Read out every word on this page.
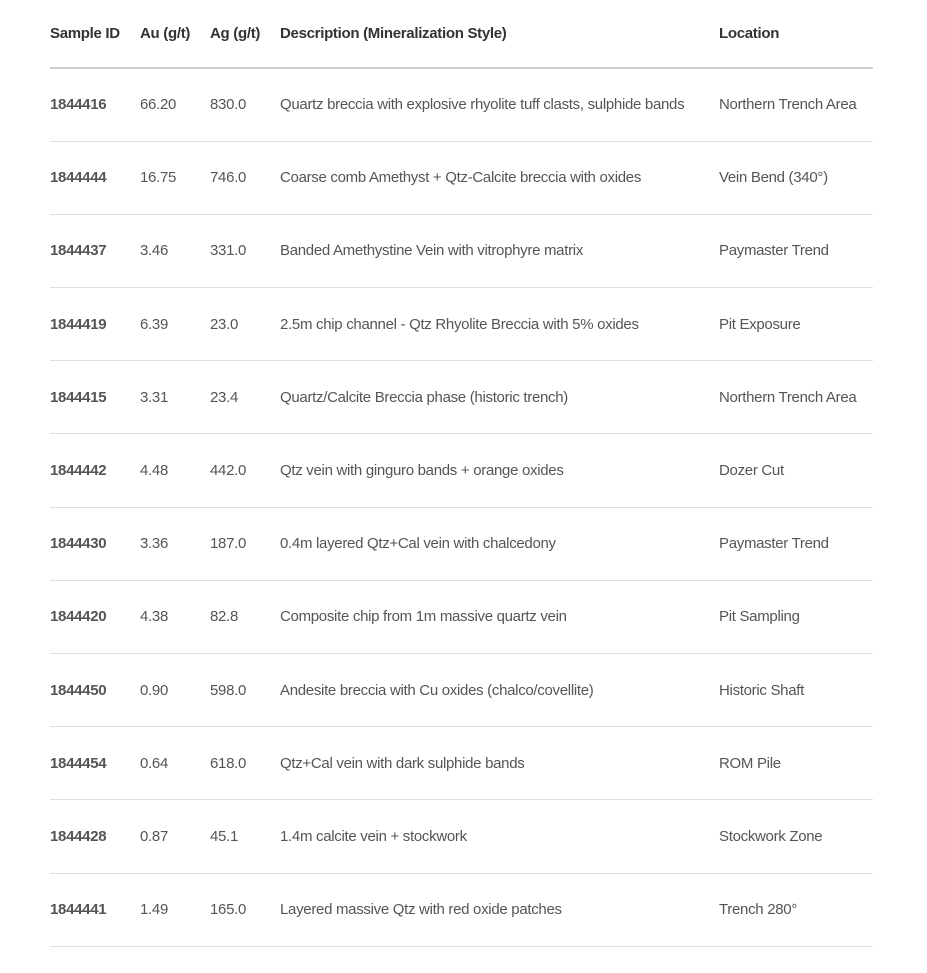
Sample ID	Au (g/t)	Ag (g/t)	Description (Mineralization Style)	Location
1844416	66.20	830.0	Quartz breccia with explosive rhyolite tuff clasts, sulphide bands	Northern Trench Area
1844444	16.75	746.0	Coarse comb Amethyst + Qtz-Calcite breccia with oxides	Vein Bend (340°)
1844437	3.46	331.0	Banded Amethystine Vein with vitrophyre matrix	Paymaster Trend
1844419	6.39	23.0	2.5m chip channel - Qtz Rhyolite Breccia with 5% oxides	Pit Exposure
1844415	3.31	23.4	Quartz/Calcite Breccia phase (historic trench)	Northern Trench Area
1844442	4.48	442.0	Qtz vein with ginguro bands + orange oxides	Dozer Cut
1844430	3.36	187.0	0.4m layered Qtz+Cal vein with chalcedony	Paymaster Trend
1844420	4.38	82.8	Composite chip from 1m massive quartz vein	Pit Sampling
1844450	0.90	598.0	Andesite breccia with Cu oxides (chalco/covellite)	Historic Shaft
1844454	0.64	618.0	Qtz+Cal vein with dark sulphide bands	ROM Pile
1844428	0.87	45.1	1.4m calcite vein + stockwork	Stockwork Zone
1844441	1.49	165.0	Layered massive Qtz with red oxide patches	Trench 280°
